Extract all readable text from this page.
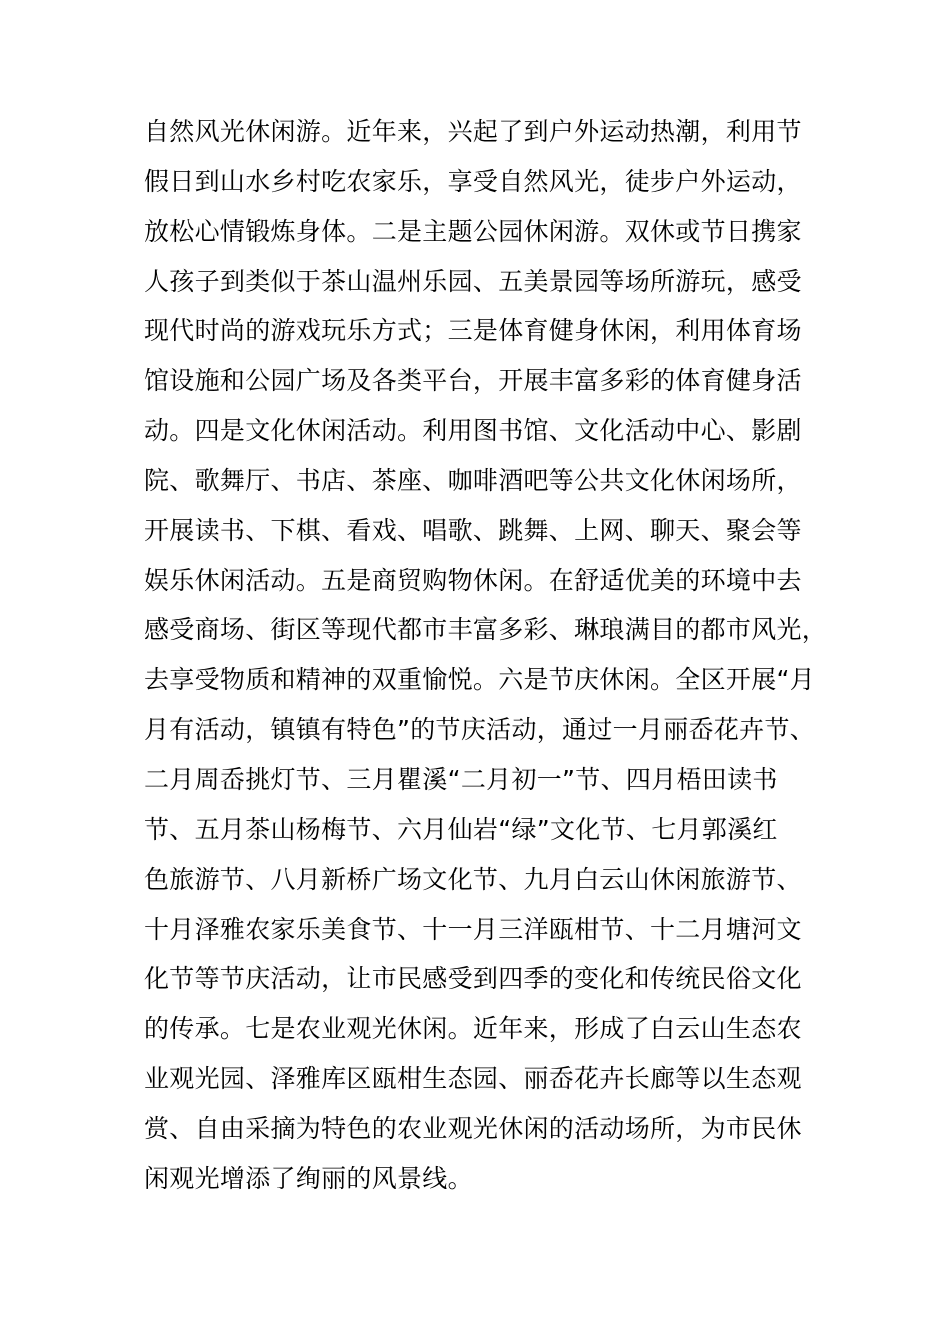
自然风光休闲游。近年来，兴起了到户外运动热潮，利用节
假日到山水乡村吃农家乐，享受自然风光，徒步户外运动，
放松心情锻炼身体。二是主题公园休闲游。双休或节日携家
人孩子到类似于茶山温州乐园、五美景园等场所游玩，感受
现代时尚的游戏玩乐方式；三是体育健身休闲，利用体育场
馆设施和公园广场及各类平台，开展丰富多彩的体育健身活
动。四是文化休闲活动。利用图书馆、文化活动中心、影剧
院、歌舞厅、书店、茶座、咖啡酒吧等公共文化休闲场所，
开展读书、下棋、看戏、唱歌、跳舞、上网、聊天、聚会等
娱乐休闲活动。五是商贸购物休闲。在舒适优美的环境中去
感受商场、街区等现代都市丰富多彩、琳琅满目的都市风光，
去享受物质和精神的双重愉悦。六是节庆休闲。全区开展“月
月有活动，镇镇有特色”的节庆活动，通过一月丽岙花卉节、
二月周岙挑灯节、三月瞿溪“二月初一”节、四月梧田读书
节、五月茶山杨梅节、六月仙岩“绿”文化节、七月郭溪红
色旅游节、八月新桥广场文化节、九月白云山休闲旅游节、
十月泽雅农家乐美食节、十一月三洋瓯柑节、十二月塘河文
化节等节庆活动，让市民感受到四季的变化和传统民俗文化
的传承。七是农业观光休闲。近年来，形成了白云山生态农
业观光园、泽雅库区瓯柑生态园、丽岙花卉长廊等以生态观
赏、自由采摘为特色的农业观光休闲的活动场所，为市民休
闲观光增添了绚丽的风景线。
